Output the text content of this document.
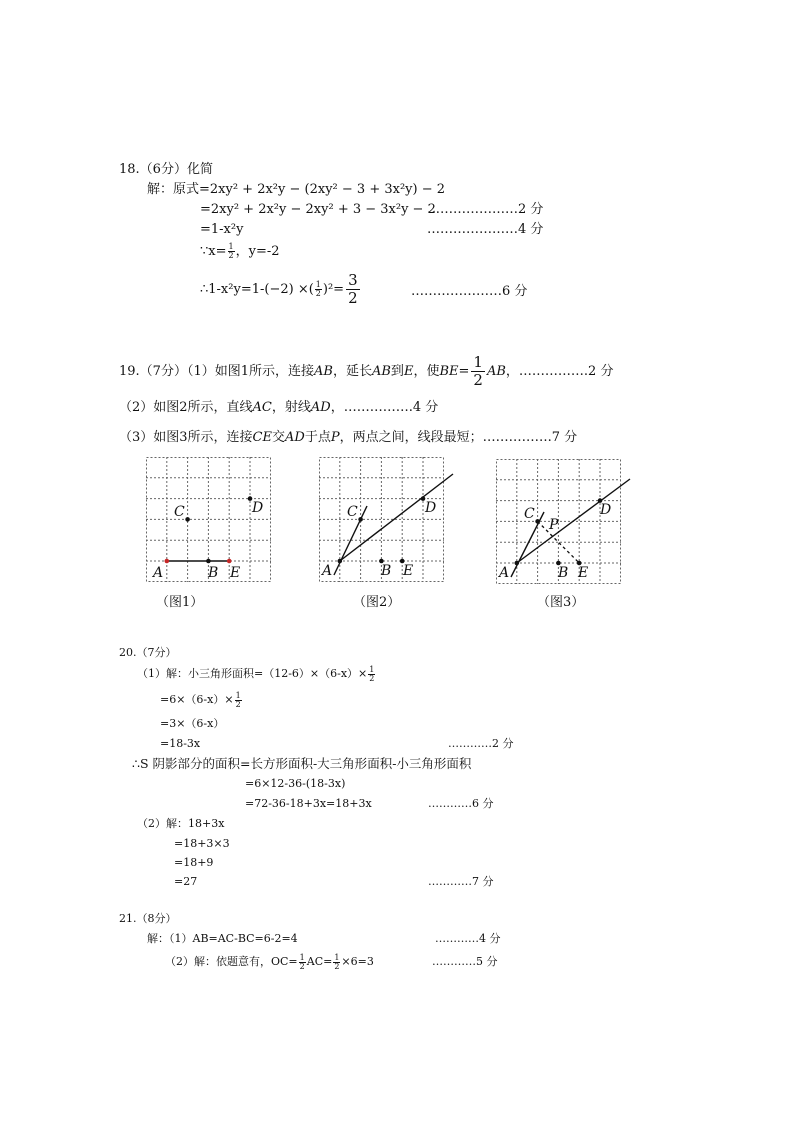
18.（6分）化简
解：原式=2xy² + 2x²y − (2xy² − 3 + 3x²y) − 2
=2xy² + 2x²y − 2xy² + 3 − 3x²y − 2
…………………2 分
=1-x²y	…………………4 分
∵x= $\frac{1}{2}$ ，y=-2
∴1-x²y=1-(−2) ×( $\frac{1}{2} )^2= \frac{3}{2}$	…………………6 分
19.（7分）（1）如图1所示，连接AB，延长AB到E，使$BE= \frac{1}{2}$ AB，…………….2 分
（2）如图2所示，直线AC，射线AD，…………….4 分
（3）如图3所示，连接CE交AD于点P，两点之间，线段最短；…………….7 分
A	B E
C	D
（图1）
A	B E
C	D
（图2）
A	B E
C	D
P
（图3）
20.（7分）
（1）解：小三角形面积$=(12-6)\times(6-x)\times \frac{1}{2}$
$=6\times(6-x)\times \frac{1}{2}$
=3×（6-x）
=18-3x	…………2 分
∴S 阴影部分的面积=长方形面积-大三角形面积-小三角形面积
=6×12-36-(18-3x)
=72-36-18+3x=18+3x	…………6 分
（2）解：18+3x
=18+3×3
=18+9
=27	…………7 分
21.（8分）
解：（1）AB=AC-BC=6-2=4	…………4 分
（2）解：依题意有，$OC= \frac{1}{2} AC= \frac{1}{2} \times 6=3$	…………5 分
